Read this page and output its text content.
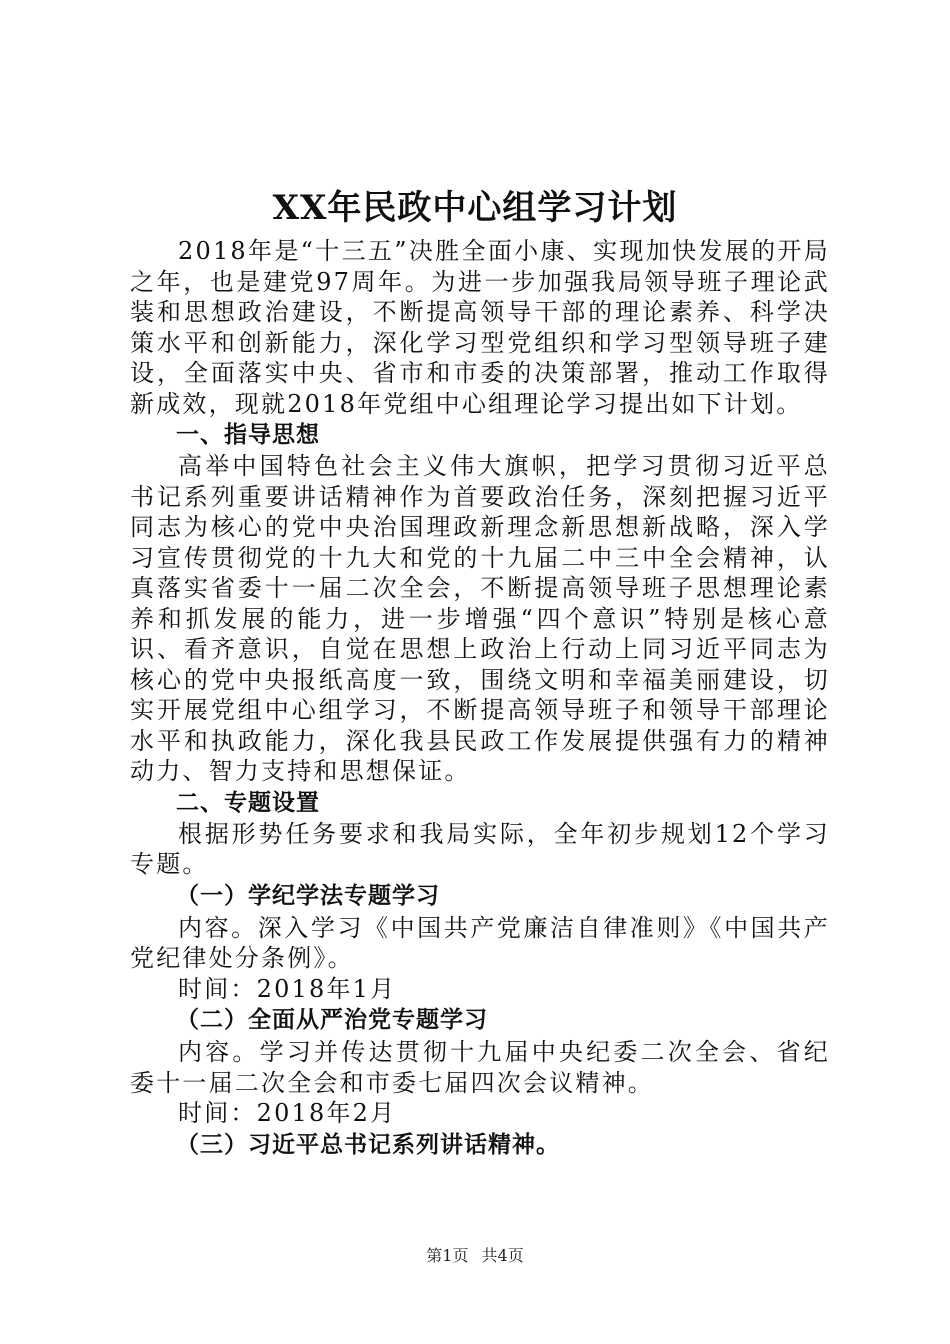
XX年民政中心组学习计划

2018年是“十三五”决胜全面小康、实现加快发展的开局之年，也是建党97周年。为进一步加强我局领导班子理论武装和思想政治建设，不断提高领导干部的理论素养、科学决策水平和创新能力，深化学习型党组织和学习型领导班子建设，全面落实中央、省市和市委的决策部署，推动工作取得新成效，现就2018年党组中心组理论学习提出如下计划。

一、指导思想

高举中国特色社会主义伟大旗帜，把学习贯彻习近平总书记系列重要讲话精神作为首要政治任务，深刻把握习近平同志为核心的党中央治国理政新理念新思想新战略，深入学习宣传贯彻党的十九大和党的十九届二中三中全会精神，认真落实省委十一届二次全会，不断提高领导班子思想理论素养和抓发展的能力，进一步增强“四个意识”特别是核心意识、看齐意识，自觉在思想上政治上行动上同习近平同志为核心的党中央报纸高度一致，围绕文明和幸福美丽建设，切实开展党组中心组学习，不断提高领导班子和领导干部理论水平和执政能力，深化我县民政工作发展提供强有力的精神动力、智力支持和思想保证。

二、专题设置

根据形势任务要求和我局实际，全年初步规划12个学习专题。

（一）学纪学法专题学习

内容。深入学习《中国共产党廉洁自律准则》《中国共产党纪律处分条例》。

时间：2018年1月

（二）全面从严治党专题学习

内容。学习并传达贯彻十九届中央纪委二次全会、省纪委十一届二次全会和市委七届四次会议精神。

时间：2018年2月

（三）习近平总书记系列讲话精神。

第1页 共4页
